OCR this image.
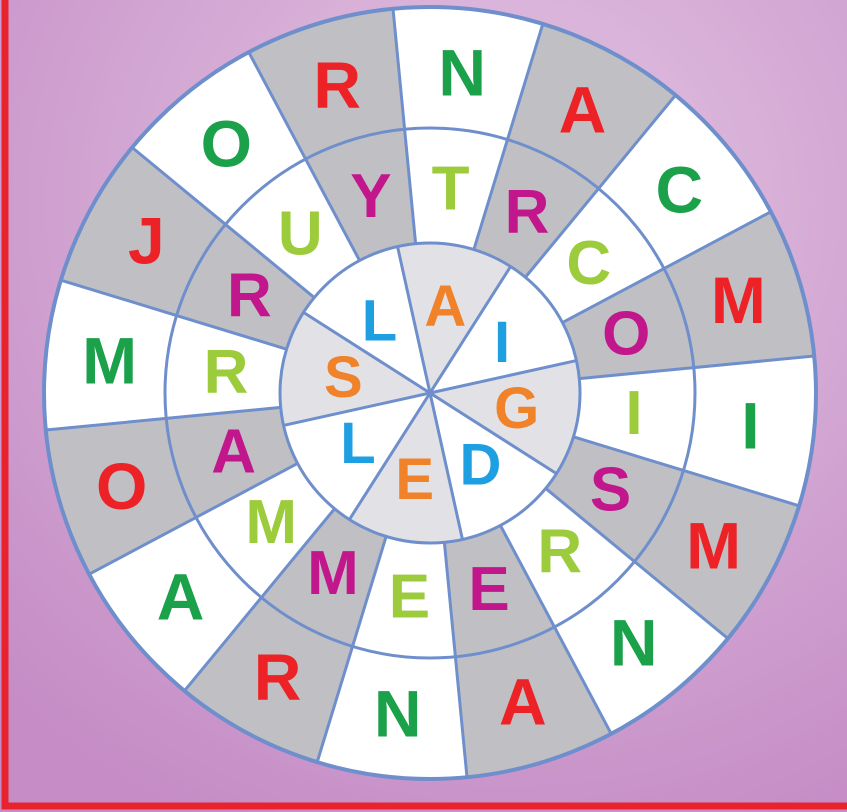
A
I
G
D
E
L
S
L
T R
C
O
I
S
R
E
E
M
M
A
R
R
U
Y
N A
C
M
I
M
N
A
N
R
A
O
M
J
O
R
